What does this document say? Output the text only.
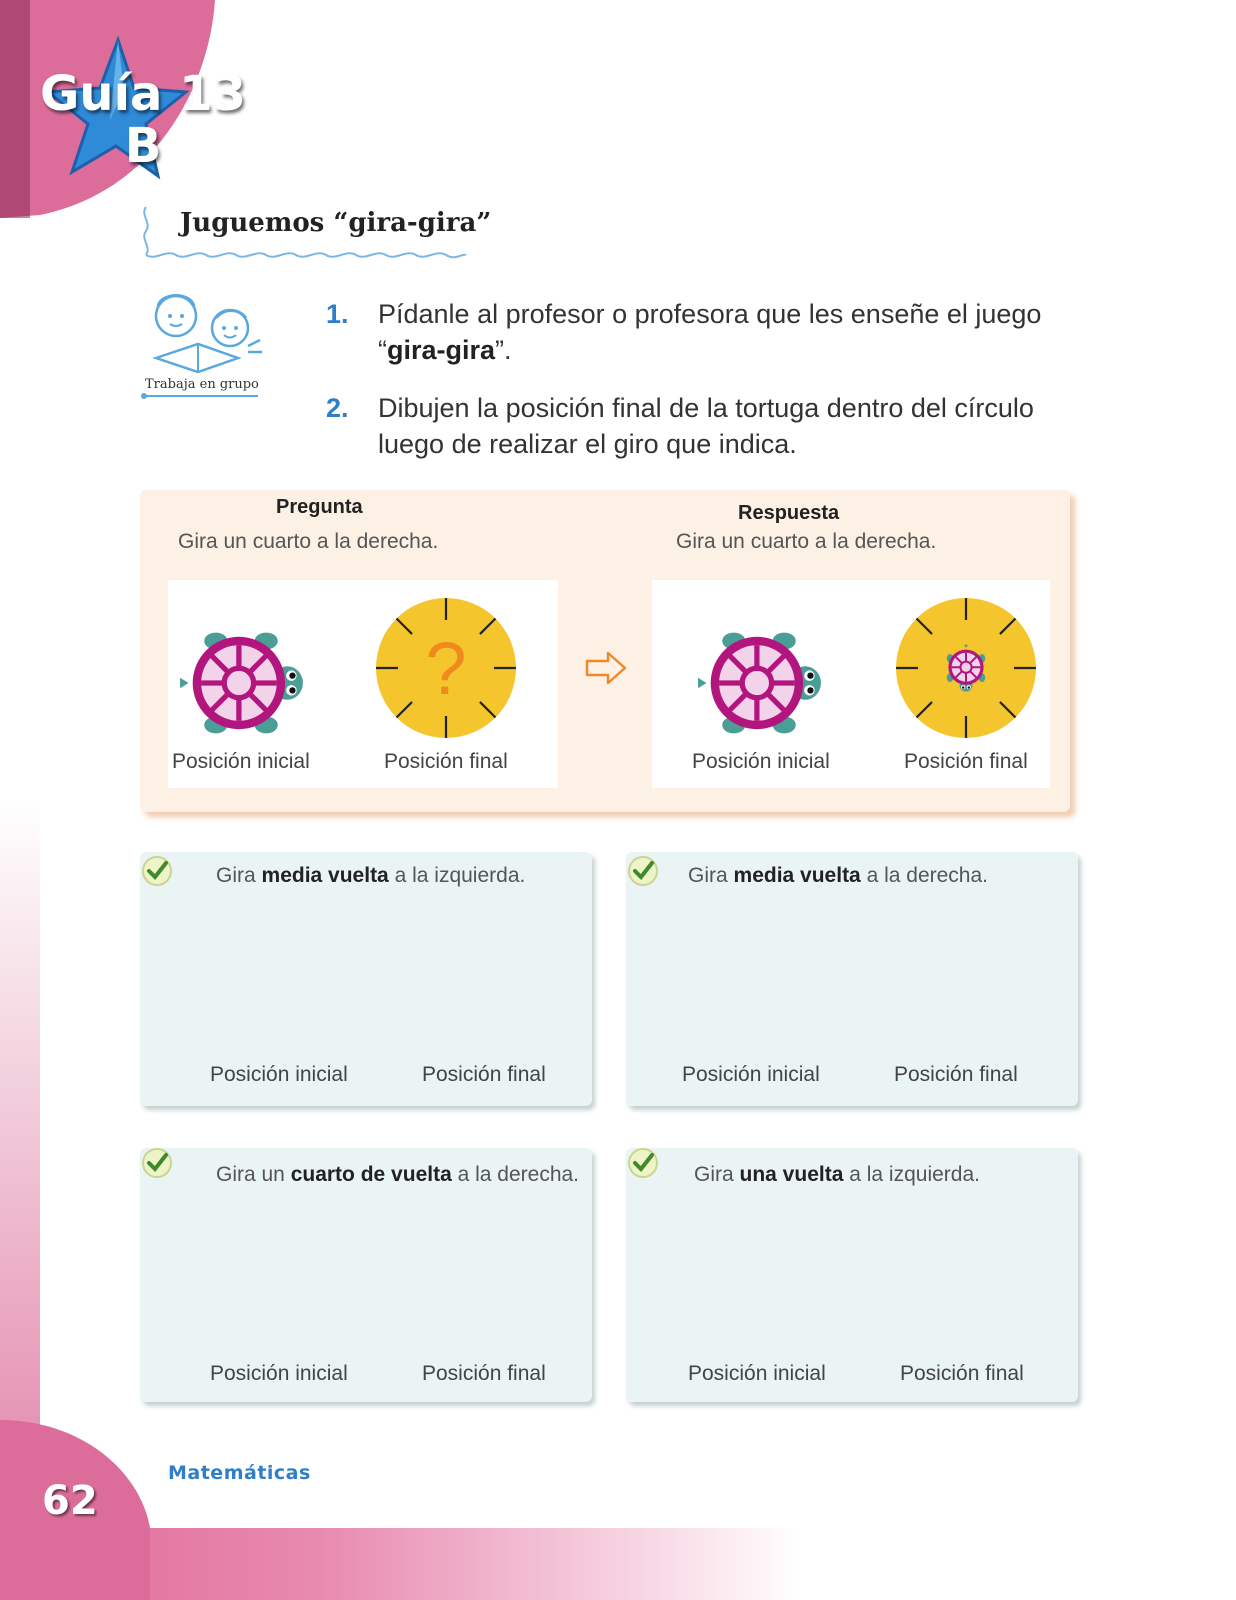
Guía 13
B
Juguemos “gira-gira”
Trabaja en grupo
1. Pídanle al profesor o profesora que les enseñe el juego “gira-gira”.
2. Dibujen la posición final de la tortuga dentro del círculo luego de realizar el giro que indica.
Pregunta
Gira un cuarto a la derecha.
Respuesta
Gira un cuarto a la derecha.
?
Posición inicial	Posición final	Posición inicial	Posición final
Gira media vuelta a la izquierda.	Gira media vuelta a la derecha.
Gira un cuarto de vuelta a la derecha.	Gira una vuelta a la izquierda.
Posición inicial	Posición final	Posición inicial	Posición final
Posición inicial	Posición final	Posición inicial	Posición final
Matemáticas
62
